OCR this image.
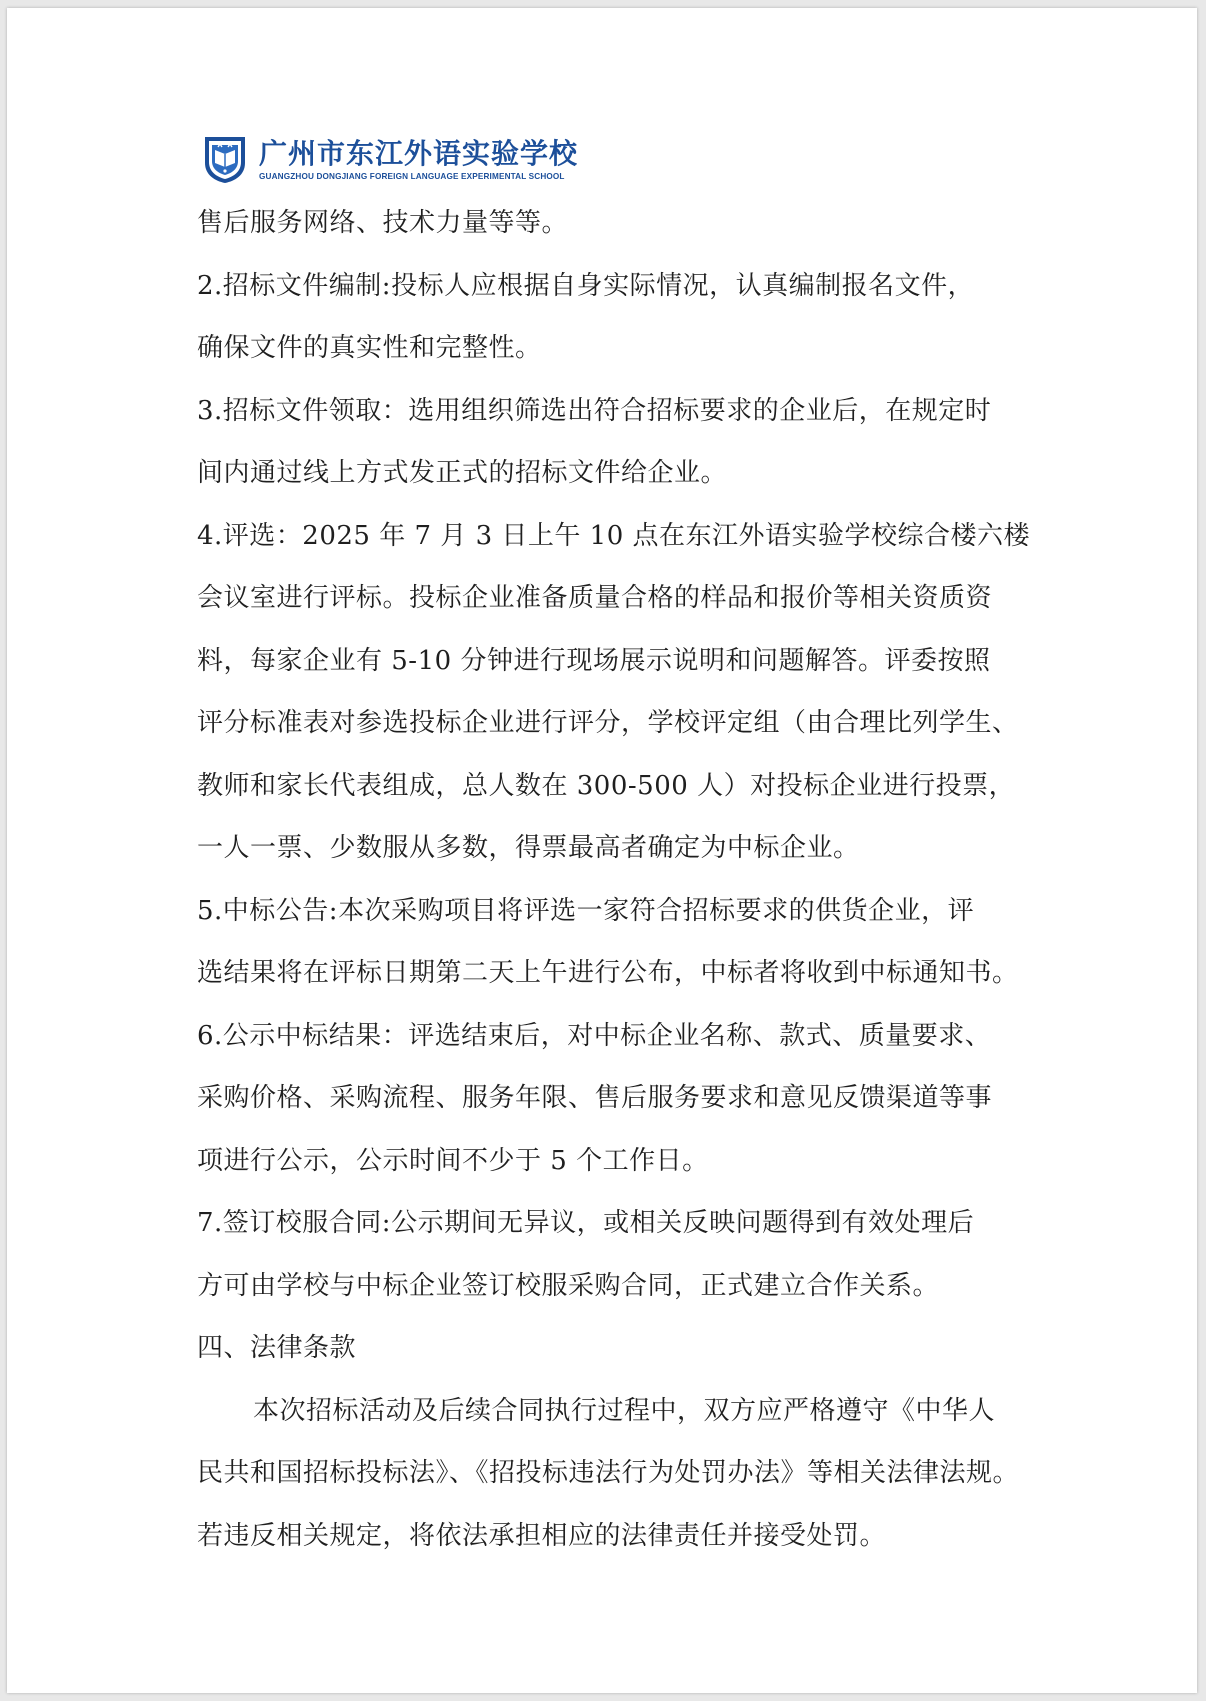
广州市东江外语实验学校
GUANGZHOU DONGJIANG FOREIGN LANGUAGE EXPERIMENTAL SCHOOL
售后服务网络、技术力量等等。
2.招标文件编制:投标人应根据自身实际情况，认真编制报名文件，
确保文件的真实性和完整性。
3.招标文件领取：选用组织筛选出符合招标要求的企业后，在规定时
间内通过线上方式发正式的招标文件给企业。
4.评选：2025 年 7 月 3 日上午 10 点在东江外语实验学校综合楼六楼
会议室进行评标。投标企业准备质量合格的样品和报价等相关资质资
料，每家企业有 5-10 分钟进行现场展示说明和问题解答。评委按照
评分标准表对参选投标企业进行评分，学校评定组（由合理比列学生、
教师和家长代表组成，总人数在 300-500 人）对投标企业进行投票，
一人一票、少数服从多数，得票最高者确定为中标企业。
5.中标公告:本次采购项目将评选一家符合招标要求的供货企业，评
选结果将在评标日期第二天上午进行公布，中标者将收到中标通知书。
6.公示中标结果：评选结束后，对中标企业名称、款式、质量要求、
采购价格、采购流程、服务年限、售后服务要求和意见反馈渠道等事
项进行公示，公示时间不少于 5 个工作日。
7.签订校服合同:公示期间无异议，或相关反映问题得到有效处理后
方可由学校与中标企业签订校服采购合同，正式建立合作关系。
四、法律条款
本次招标活动及后续合同执行过程中，双方应严格遵守《中华人
民共和国招标投标法》、《招投标违法行为处罚办法》等相关法律法规。
若违反相关规定，将依法承担相应的法律责任并接受处罚。
